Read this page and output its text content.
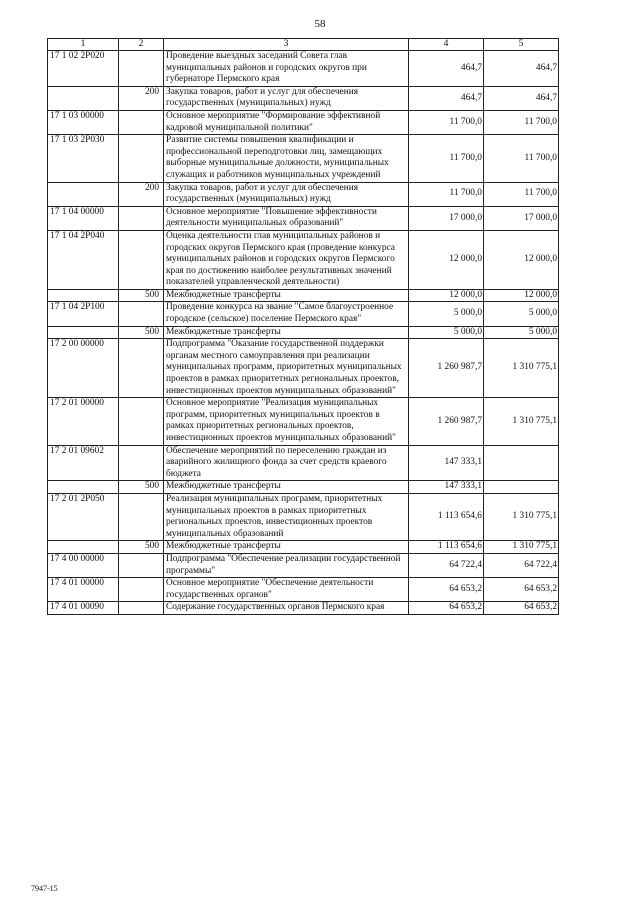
58
1	2	3	4	5
17 1 02 2Р020		Проведение выездных заседаний Совета глав муниципальных районов и городских округов при губернаторе Пермского края	464,7	464,7
	200	Закупка товаров, работ и услуг для обеспечения государственных (муниципальных) нужд	464,7	464,7
17 1 03 00000		Основное мероприятие "Формирование эффективной кадровой муниципальной политики"	11 700,0	11 700,0
17 1 03 2Р030		Развитие системы повышения квалификации и профессиональной переподготовки лиц, замещающих выборные муниципальные должности, муниципальных служащих и работников муниципальных учреждений	11 700,0	11 700,0
	200	Закупка товаров, работ и услуг для обеспечения государственных (муниципальных) нужд	11 700,0	11 700,0
17 1 04 00000		Основное мероприятие "Повышение эффективности деятельности муниципальных образований"	17 000,0	17 000,0
17 1 04 2Р040		Оценка деятельности глав муниципальных районов и городских округов Пермского края (проведение конкурса муниципальных районов и городских округов Пермского края по достижению наиболее результативных значений показателей управленческой деятельности)	12 000,0	12 000,0
	500	Межбюджетные трансферты	12 000,0	12 000,0
17 1 04 2Р100		Проведение конкурса на звание "Самое благоустроенное городское (сельское) поселение Пермского края"	5 000,0	5 000,0
	500	Межбюджетные трансферты	5 000,0	5 000,0
17 2 00 00000		Подпрограмма "Оказание государственной поддержки органам местного самоуправления при реализации муниципальных программ, приоритетных муниципальных проектов в рамках приоритетных региональных проектов, инвестиционных проектов муниципальных образований"	1 260 987,7	1 310 775,1
17 2 01 00000		Основное мероприятие "Реализация муниципальных программ, приоритетных муниципальных проектов в рамках приоритетных региональных проектов, инвестиционных проектов муниципальных образований"	1 260 987,7	1 310 775,1
17 2 01 09602		Обеспечение мероприятий по переселению граждан из аварийного жилищного фонда за счет средств краевого бюджета	147 333,1	
	500	Межбюджетные трансферты	147 333,1	
17 2 01 2Р050		Реализация муниципальных программ, приоритетных муниципальных проектов в рамках приоритетных региональных проектов, инвестиционных проектов муниципальных образований	1 113 654,6	1 310 775,1
	500	Межбюджетные трансферты	1 113 654,6	1 310 775,1
17 4 00 00000		Подпрограмма "Обеспечение реализации государственной программы"	64 722,4	64 722,4
17 4 01 00000		Основное мероприятие "Обеспечение деятельности государственных органов"	64 653,2	64 653,2
17 4 01 00090		Содержание государственных органов Пермского края	64 653,2	64 653,2
7947-15
